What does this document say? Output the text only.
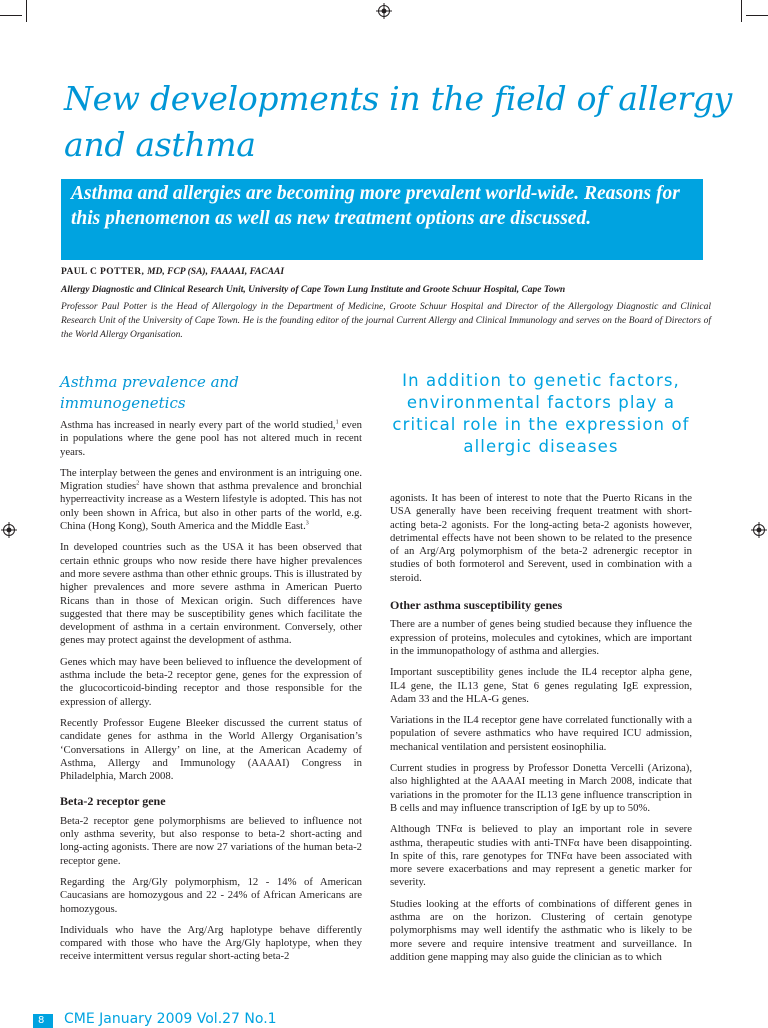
New developments in the field of allergy and asthma
Asthma and allergies are becoming more prevalent world-wide. Reasons for this phenomenon as well as new treatment options are discussed.
PAUL C POTTER, MD, FCP (SA), FAAAAI, FACAAI
Allergy Diagnostic and Clinical Research Unit, University of Cape Town Lung Institute and Groote Schuur Hospital, Cape Town
Professor Paul Potter is the Head of Allergology in the Department of Medicine, Groote Schuur Hospital and Director of the Allergology Diagnostic and Clinical Research Unit of the University of Cape Town. He is the founding editor of the journal Current Allergy and Clinical Immunology and serves on the Board of Directors of the World Allergy Organisation.
Asthma prevalence and immunogenetics

Asthma has increased in nearly every part of the world studied,$^1$ even in populations where the gene pool has not altered much in recent years.

The interplay between the genes and environment is an intriguing one. Migration studies$^2$ have shown that asthma prevalence and bronchial hyperreactivity increase as a Western lifestyle is adopted. This has not only been shown in Africa, but also in other parts of the world, e.g. China (Hong Kong), South America and the Middle East.$^3$

In developed countries such as the USA it has been observed that certain ethnic groups who now reside there have higher prevalences and more severe asthma than other ethnic groups. This is illustrated by higher prevalences and more severe asthma in American Puerto Ricans than in those of Mexican origin. Such differences have suggested that there may be susceptibility genes which facilitate the development of asthma in a certain environment. Conversely, other genes may protect against the development of asthma.

Genes which may have been believed to influence the development of asthma include the beta-2 receptor gene, genes for the expression of the glucocorticoid-binding receptor and those responsible for the expression of allergy.

Recently Professor Eugene Bleeker discussed the current status of candidate genes for asthma in the World Allergy Organisation’s ‘Conversations in Allergy’ on line, at the American Academy of Asthma, Allergy and Immunology (AAAAI) Congress in Philadelphia, March 2008.

Beta-2 receptor gene

Beta-2 receptor gene polymorphisms are believed to influence not only asthma severity, but also response to beta-2 short-acting and long-acting agonists. There are now 27 variations of the human beta-2 receptor gene.

Regarding the Arg/Gly polymorphism, 12 - 14% of American Caucasians are homozygous and 22 - 24% of African Americans are homozygous.

Individuals who have the Arg/Arg haplotype behave differently compared with those who have the Arg/Gly haplotype, when they receive intermittent versus regular short-acting beta-2

In addition to genetic factors, environmental factors play a critical role in the expression of allergic diseases

agonists. It has been of interest to note that the Puerto Ricans in the USA generally have been receiving frequent treatment with short-acting beta-2 agonists. For the long-acting beta-2 agonists however, detrimental effects have not been shown to be related to the presence of an Arg/Arg polymorphism of the beta-2 adrenergic receptor in studies of both formoterol and Serevent, used in combination with a steroid.

Other asthma susceptibility genes

There are a number of genes being studied because they influence the expression of proteins, molecules and cytokines, which are important in the immunopathology of asthma and allergies.

Important susceptibility genes include the IL4 receptor alpha gene, IL4 gene, the IL13 gene, Stat 6 genes regulating IgE expression, Adam 33 and the HLA-G genes.

Variations in the IL4 receptor gene have correlated functionally with a population of severe asthmatics who have required ICU admission, mechanical ventilation and persistent eosinophilia.

Current studies in progress by Professor Donetta Vercelli (Arizona), also highlighted at the AAAAI meeting in March 2008, indicate that variations in the promoter for the IL13 gene influence transcription in B cells and may influence transcription of IgE by up to 50%.

Although TNFα is believed to play an important role in severe asthma, therapeutic studies with anti-TNFα have been disappointing. In spite of this, rare genotypes for TNFα have been associated with more severe exacerbations and may represent a genetic marker for severity.

Studies looking at the efforts of combinations of different genes in asthma are on the horizon. Clustering of certain genotype polymorphisms may well identify the asthmatic who is likely to be more severe and require intensive treatment and surveillance. In addition gene mapping may also guide the clinician as to which

8 CME January 2009 Vol.27 No.1
